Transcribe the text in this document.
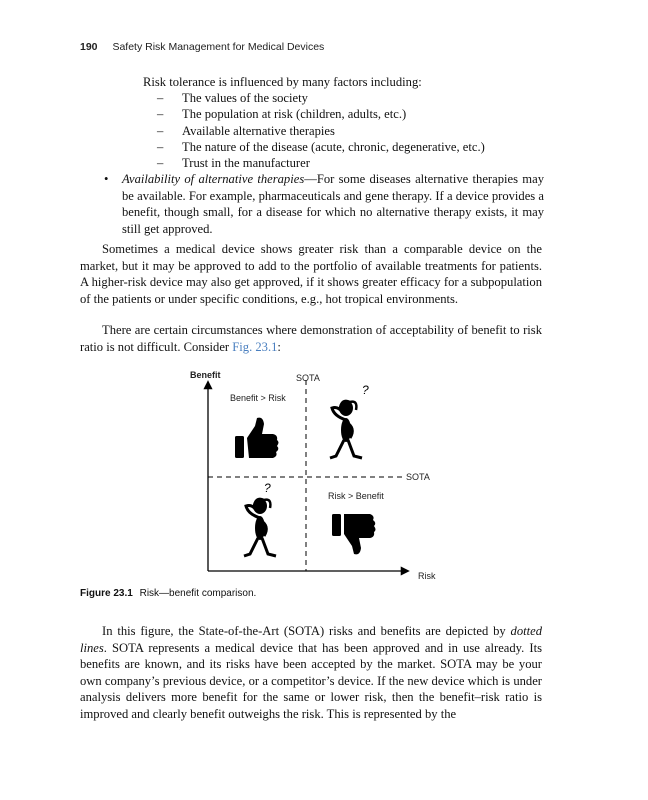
190 Safety Risk Management for Medical Devices
Risk tolerance is influenced by many factors including:
– The values of the society
– The population at risk (children, adults, etc.)
– Available alternative therapies
– The nature of the disease (acute, chronic, degenerative, etc.)
– Trust in the manufacturer
• Availability of alternative therapies—For some diseases alternative therapies may be available. For example, pharmaceuticals and gene therapy. If a device provides a benefit, though small, for a disease for which no alternative therapy exists, it may still get approved.

Sometimes a medical device shows greater risk than a comparable device on the market, but it may be approved to add to the portfolio of available treatments for patients. A higher-risk device may also get approved, if it shows greater efficacy for a subpopulation of the patients or under specific conditions, e.g., hot tropical environments.

There are certain circumstances where demonstration of acceptability of benefit to risk ratio is not difficult. Consider Fig. 23.1:

Benefit	SOTA
SOTA
Risk
Benefit > Risk
Risk > Benefit
?
?
Figure 23.1 Risk—benefit comparison.

In this figure, the State-of-the-Art (SOTA) risks and benefits are depicted by dotted lines. SOTA represents a medical device that has been approved and in use already. Its benefits are known, and its risks have been accepted by the market. SOTA may be your own company’s previous device, or a competitor’s device. If the new device which is under analysis delivers more benefit for the same or lower risk, then the benefit–risk ratio is improved and clearly benefit outweighs the risk. This is represented by the
